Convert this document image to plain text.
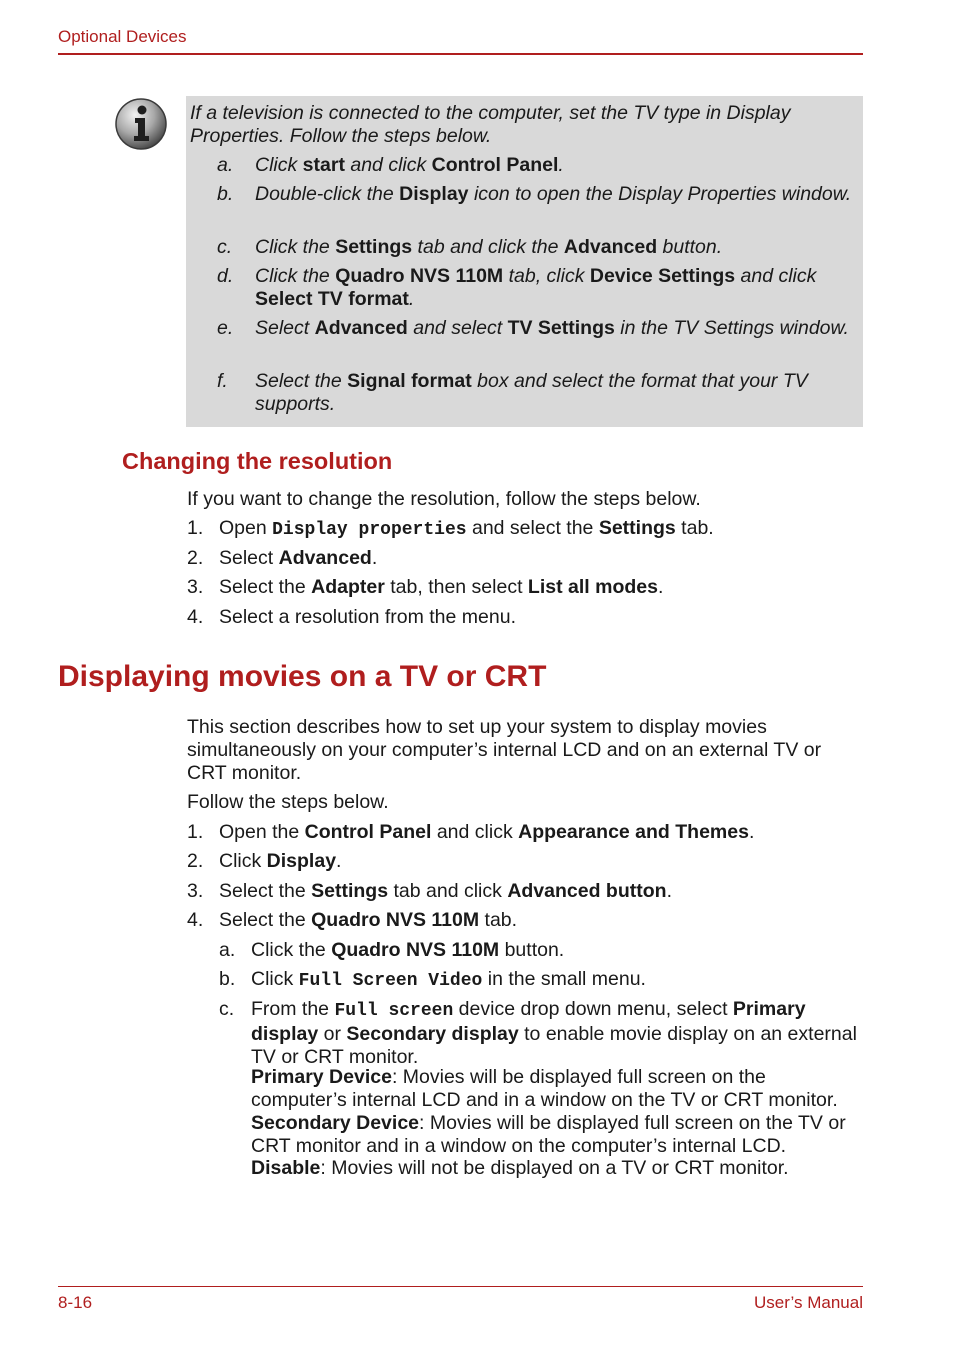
Optional Devices
If a television is connected to the computer, set the TV type in Display Properties. Follow the steps below.
a. Click start and click Control Panel.
b. Double-click the Display icon to open the Display Properties window.
c. Click the Settings tab and click the Advanced button.
d. Click the Quadro NVS 110M tab, click Device Settings and click Select TV format.
e. Select Advanced and select TV Settings in the TV Settings window.
f. Select the Signal format box and select the format that your TV supports.
Changing the resolution
If you want to change the resolution, follow the steps below.
1. Open Display properties and select the Settings tab.
2. Select Advanced.
3. Select the Adapter tab, then select List all modes.
4. Select a resolution from the menu.
Displaying movies on a TV or CRT
This section describes how to set up your system to display movies simultaneously on your computer’s internal LCD and on an external TV or CRT monitor.
Follow the steps below.
1. Open the Control Panel and click Appearance and Themes.
2. Click Display.
3. Select the Settings tab and click Advanced button.
4. Select the Quadro NVS 110M tab.
a. Click the Quadro NVS 110M button.
b. Click Full Screen Video in the small menu.
c. From the Full screen device drop down menu, select Primary display or Secondary display to enable movie display on an external TV or CRT monitor.
Primary Device: Movies will be displayed full screen on the computer’s internal LCD and in a window on the TV or CRT monitor.
Secondary Device: Movies will be displayed full screen on the TV or CRT monitor and in a window on the computer’s internal LCD.
Disable: Movies will not be displayed on a TV or CRT monitor.
8-16	User’s Manual
